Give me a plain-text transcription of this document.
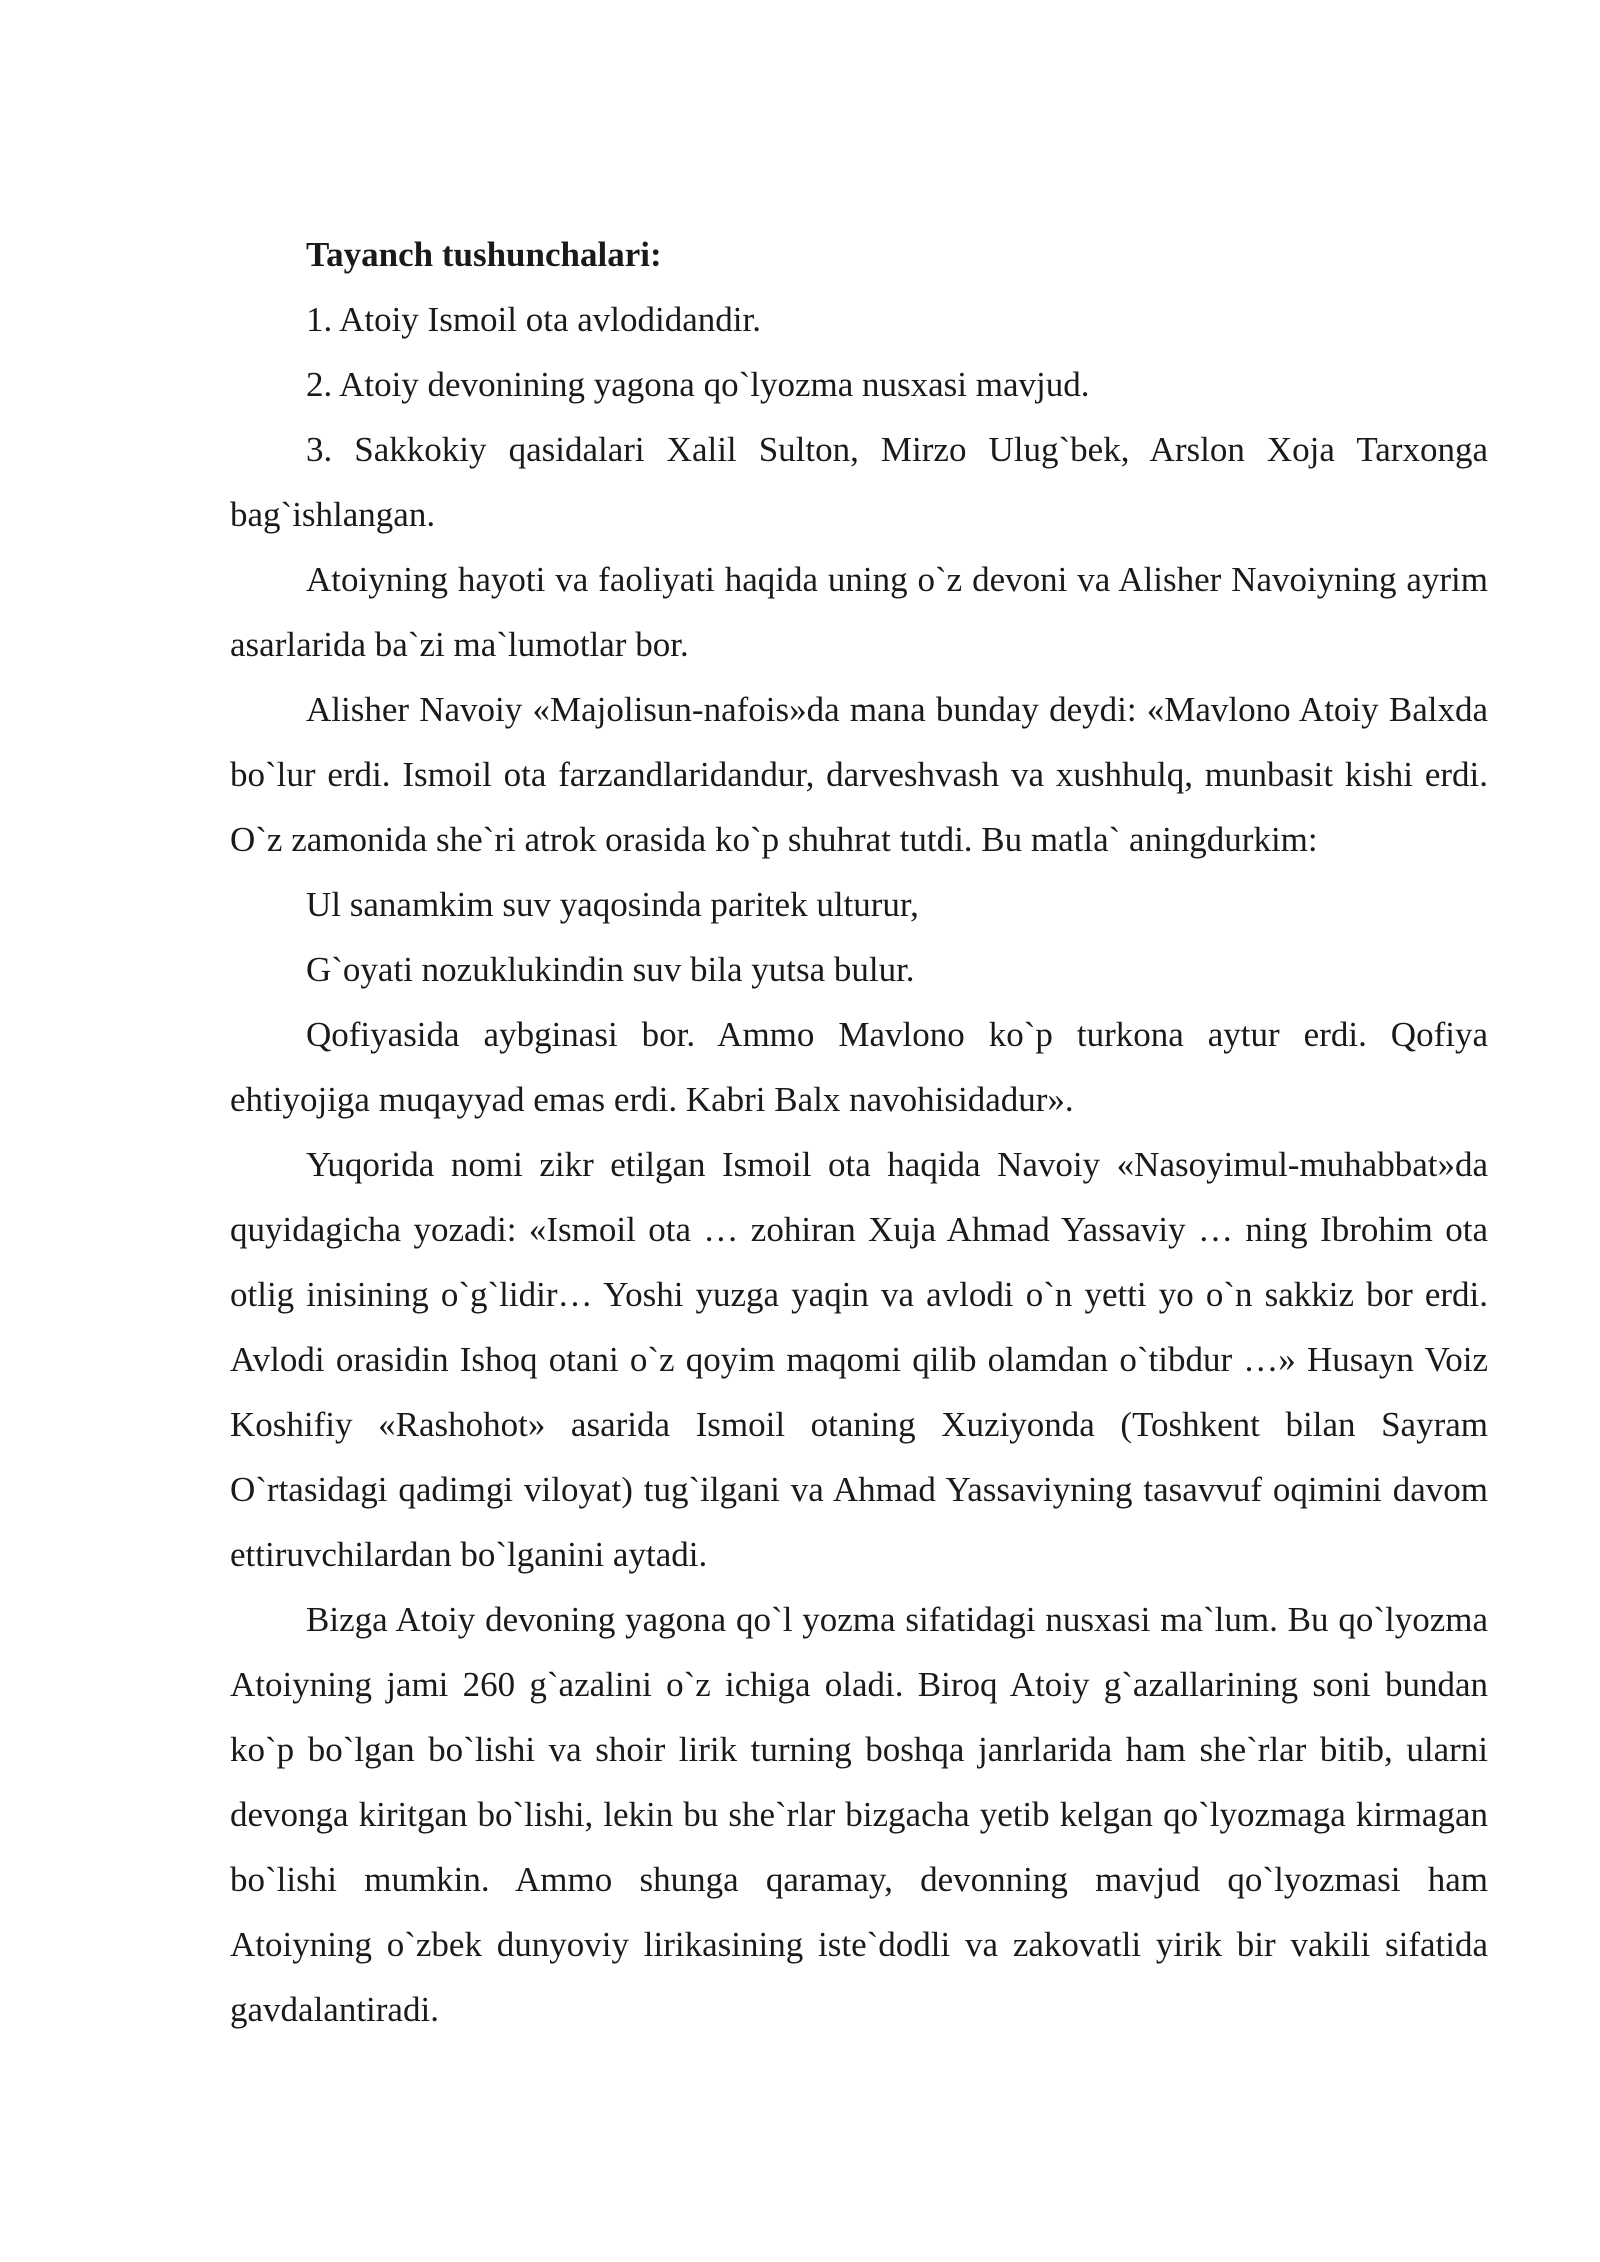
Tayanch tushunchalari:

1. Atoiy Ismoil ota avlodidandir.

2. Atoiy devonining yagona qo`lyozma nusxasi mavjud.

3. Sakkokiy qasidalari Xalil Sulton, Mirzo Ulug`bek, Arslon Xoja Tarxonga bag`ishlangan.

Atoiyning hayoti va faoliyati haqida uning o`z devoni va Alisher Navoiyning ayrim asarlarida ba`zi ma`lumotlar bor.

Alisher Navoiy «Majolisun-nafois»da mana bunday deydi: «Mavlono Atoiy Balxda bo`lur erdi. Ismoil ota farzandlaridandur, darveshvash va xushhulq, munbasit kishi erdi. O`z zamonida she`ri atrok orasida ko`p shuhrat tutdi. Bu matla` aningdurkim:

Ul sanamkim suv yaqosinda paritek ulturur,

G`oyati nozuklukindin suv bila yutsa bulur.

Qofiyasida aybginasi bor. Ammo Mavlono ko`p turkona aytur erdi. Qofiya ehtiyojiga muqayyad emas erdi. Kabri Balx navohisidadur».

Yuqorida nomi zikr etilgan Ismoil ota haqida Navoiy «Nasoyimul-muhabbat»da quyidagicha yozadi: «Ismoil ota … zohiran Xuja Ahmad Yassaviy … ning Ibrohim ota otlig inisining o`g`lidir… Yoshi yuzga yaqin va avlodi o`n yetti yo o`n sakkiz bor erdi. Avlodi orasidin Ishoq otani o`z qoyim maqomi qilib olamdan o`tibdur …» Husayn Voiz Koshifiy «Rashohot» asarida Ismoil otaning Xuziyonda (Toshkent bilan Sayram O`rtasidagi qadimgi viloyat) tug`ilgani va Ahmad Yassaviyning tasavvuf oqimini davom ettiruvchilardan bo`lganini aytadi.

Bizga Atoiy devoning yagona qo`l yozma sifatidagi nusxasi ma`lum. Bu qo`lyozma Atoiyning jami 260 g`azalini o`z ichiga oladi. Biroq Atoiy g`azallarining soni bundan ko`p bo`lgan bo`lishi va shoir lirik turning boshqa janrlarida ham she`rlar bitib, ularni devonga kiritgan bo`lishi, lekin bu she`rlar bizgacha yetib kelgan qo`lyozmaga kirmagan bo`lishi mumkin. Ammo shunga qaramay, devonning mavjud qo`lyozmasi ham Atoiyning o`zbek dunyoviy lirikasining iste`dodli va zakovatli yirik bir vakili sifatida gavdalantiradi.
